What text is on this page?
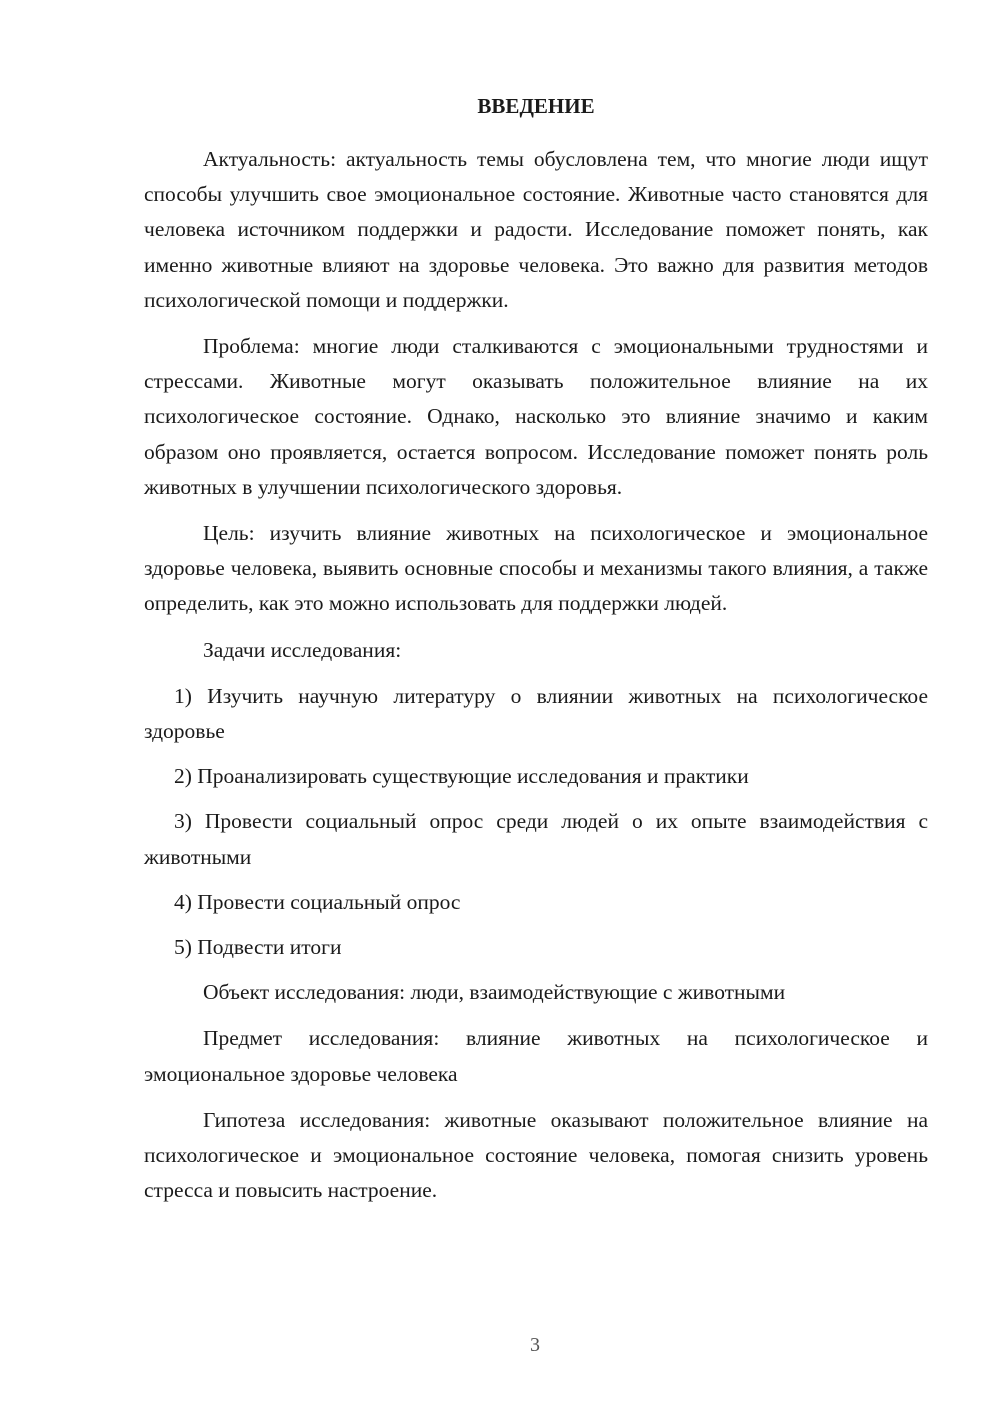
ВВЕДЕНИЕ

Актуальность: актуальность темы обусловлена тем, что многие люди ищут способы улучшить свое эмоциональное состояние. Животные часто становятся для человека источником поддержки и радости. Исследование поможет понять, как именно животные влияют на здоровье человека. Это важно для развития методов психологической помощи и поддержки.

Проблема: многие люди сталкиваются с эмоциональными трудностями и стрессами. Животные могут оказывать положительное влияние на их психологическое состояние. Однако, насколько это влияние значимо и каким образом оно проявляется, остается вопросом. Исследование поможет понять роль животных в улучшении психологического здоровья.

Цель: изучить влияние животных на психологическое и эмоциональное здоровье человека, выявить основные способы и механизмы такого влияния, а также определить, как это можно использовать для поддержки людей.

Задачи исследования:

1) Изучить научную литературу о влиянии животных на психологическое здоровье

2) Проанализировать существующие исследования и практики

3) Провести социальный опрос среди людей о их опыте взаимодействия с животными

4) Провести социальный опрос

5) Подвести итоги

Объект исследования: люди, взаимодействующие с животными

Предмет исследования: влияние животных на психологическое и эмоциональное здоровье человека

Гипотеза исследования: животные оказывают положительное влияние на психологическое и эмоциональное состояние человека, помогая снизить уровень стресса и повысить настроение.

3
